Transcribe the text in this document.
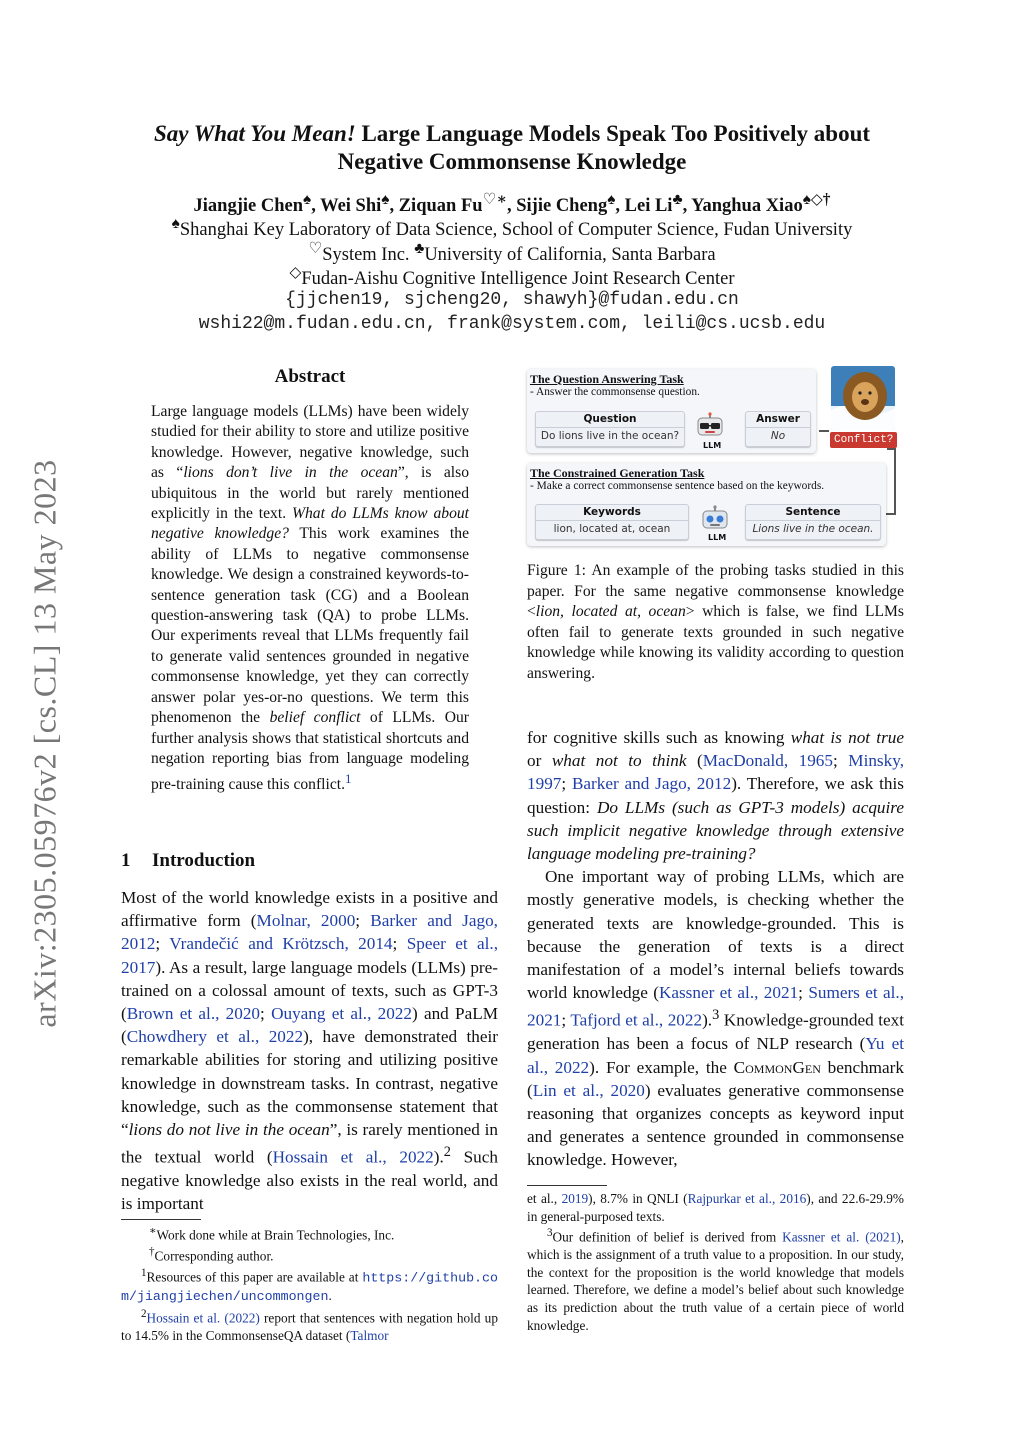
arXiv:2305.05976v2 [cs.CL] 13 May 2023
Say What You Mean! Large Language Models Speak Too Positively about
Negative Commonsense Knowledge
Jiangjie Chen♠, Wei Shi♠, Ziquan Fu♡∗, Sijie Cheng♠, Lei Li♣, Yanghua Xiao♠◇†
♠Shanghai Key Laboratory of Data Science, School of Computer Science, Fudan University
♡System Inc. ♣University of California, Santa Barbara
◇Fudan-Aishu Cognitive Intelligence Joint Research Center
{jjchen19, sjcheng20, shawyh}@fudan.edu.cn
wshi22@m.fudan.edu.cn, frank@system.com, leili@cs.ucsb.edu
Abstract
Large language models (LLMs) have been widely studied for their ability to store and utilize positive knowledge. However, negative knowledge, such as “lions don’t live in the ocean”, is also ubiquitous in the world but rarely mentioned explicitly in the text. What do LLMs know about negative knowledge? This work examines the ability of LLMs to negative commonsense knowledge. We design a constrained keywords-to-sentence generation task (CG) and a Boolean question-answering task (QA) to probe LLMs. Our experiments reveal that LLMs frequently fail to generate valid sentences grounded in negative commonsense knowledge, yet they can correctly answer polar yes-or-no questions. We term this phenomenon the belief conflict of LLMs. Our further analysis shows that statistical shortcuts and negation reporting bias from language modeling pre-training cause this conflict.$^1$
1 Introduction
Most of the world knowledge exists in a positive and affirmative form (Molnar, 2000; Barker and Jago, 2012; Vrandečić and Krötzsch, 2014; Speer et al., 2017). As a result, large language models (LLMs) pre-trained on a colossal amount of texts, such as GPT-3 (Brown et al., 2020; Ouyang et al., 2022) and PaLM (Chowdhery et al., 2022), have demonstrated their remarkable abilities for storing and utilizing positive knowledge in downstream tasks. In contrast, negative knowledge, such as the commonsense statement that “lions do not live in the ocean”, is rarely mentioned in the textual world (Hossain et al., 2022).$^2$ Such negative knowledge also exists in the real world, and is important

∗Work done while at Brain Technologies, Inc.

†Corresponding author.

$^1$Resources of this paper are available at https://github.com/jiangjiechen/uncommongen.

$^2$Hossain et al. (2022) report that sentences with negation hold up to 14.5% in the CommonsenseQA dataset (Talmor

The Question Answering Task
- Answer the commonsense question.
Question
Do lions live in the ocean?
LLM
Answer
No	Conflict?
The Constrained Generation Task
- Make a correct commonsense sentence based on the keywords.
Keywords
lion, located at, ocean
LLM
Sentence
Lions live in the ocean.
Figure 1: An example of the probing tasks studied in this paper. For the same negative commonsense knowledge <lion, located at, ocean> which is false, we find LLMs often fail to generate texts grounded in such negative knowledge while knowing its validity according to question answering.

for cognitive skills such as knowing what is not true or what not to think (MacDonald, 1965; Minsky, 1997; Barker and Jago, 2012). Therefore, we ask this question: Do LLMs (such as GPT-3 models) acquire such implicit negative knowledge through extensive language modeling pre-training?

One important way of probing LLMs, which are mostly generative models, is checking whether the generated texts are knowledge-grounded. This is because the generation of texts is a direct manifestation of a model’s internal beliefs towards world knowledge (Kassner et al., 2021; Sumers et al., 2021; Tafjord et al., 2022).$^3$ Knowledge-grounded text generation has been a focus of NLP research (Yu et al., 2022). For example, the CommonGen benchmark (Lin et al., 2020) evaluates generative commonsense reasoning that organizes concepts as keyword input and generates a sentence grounded in commonsense knowledge. However,

et al., 2019), 8.7% in QNLI (Rajpurkar et al., 2016), and 22.6-29.9% in general-purposed texts.

$^3$Our definition of belief is derived from Kassner et al. (2021), which is the assignment of a truth value to a proposition. In our study, the context for the proposition is the world knowledge that models learned. Therefore, we define a model’s belief about such knowledge as its prediction about the truth value of a certain piece of world knowledge.
